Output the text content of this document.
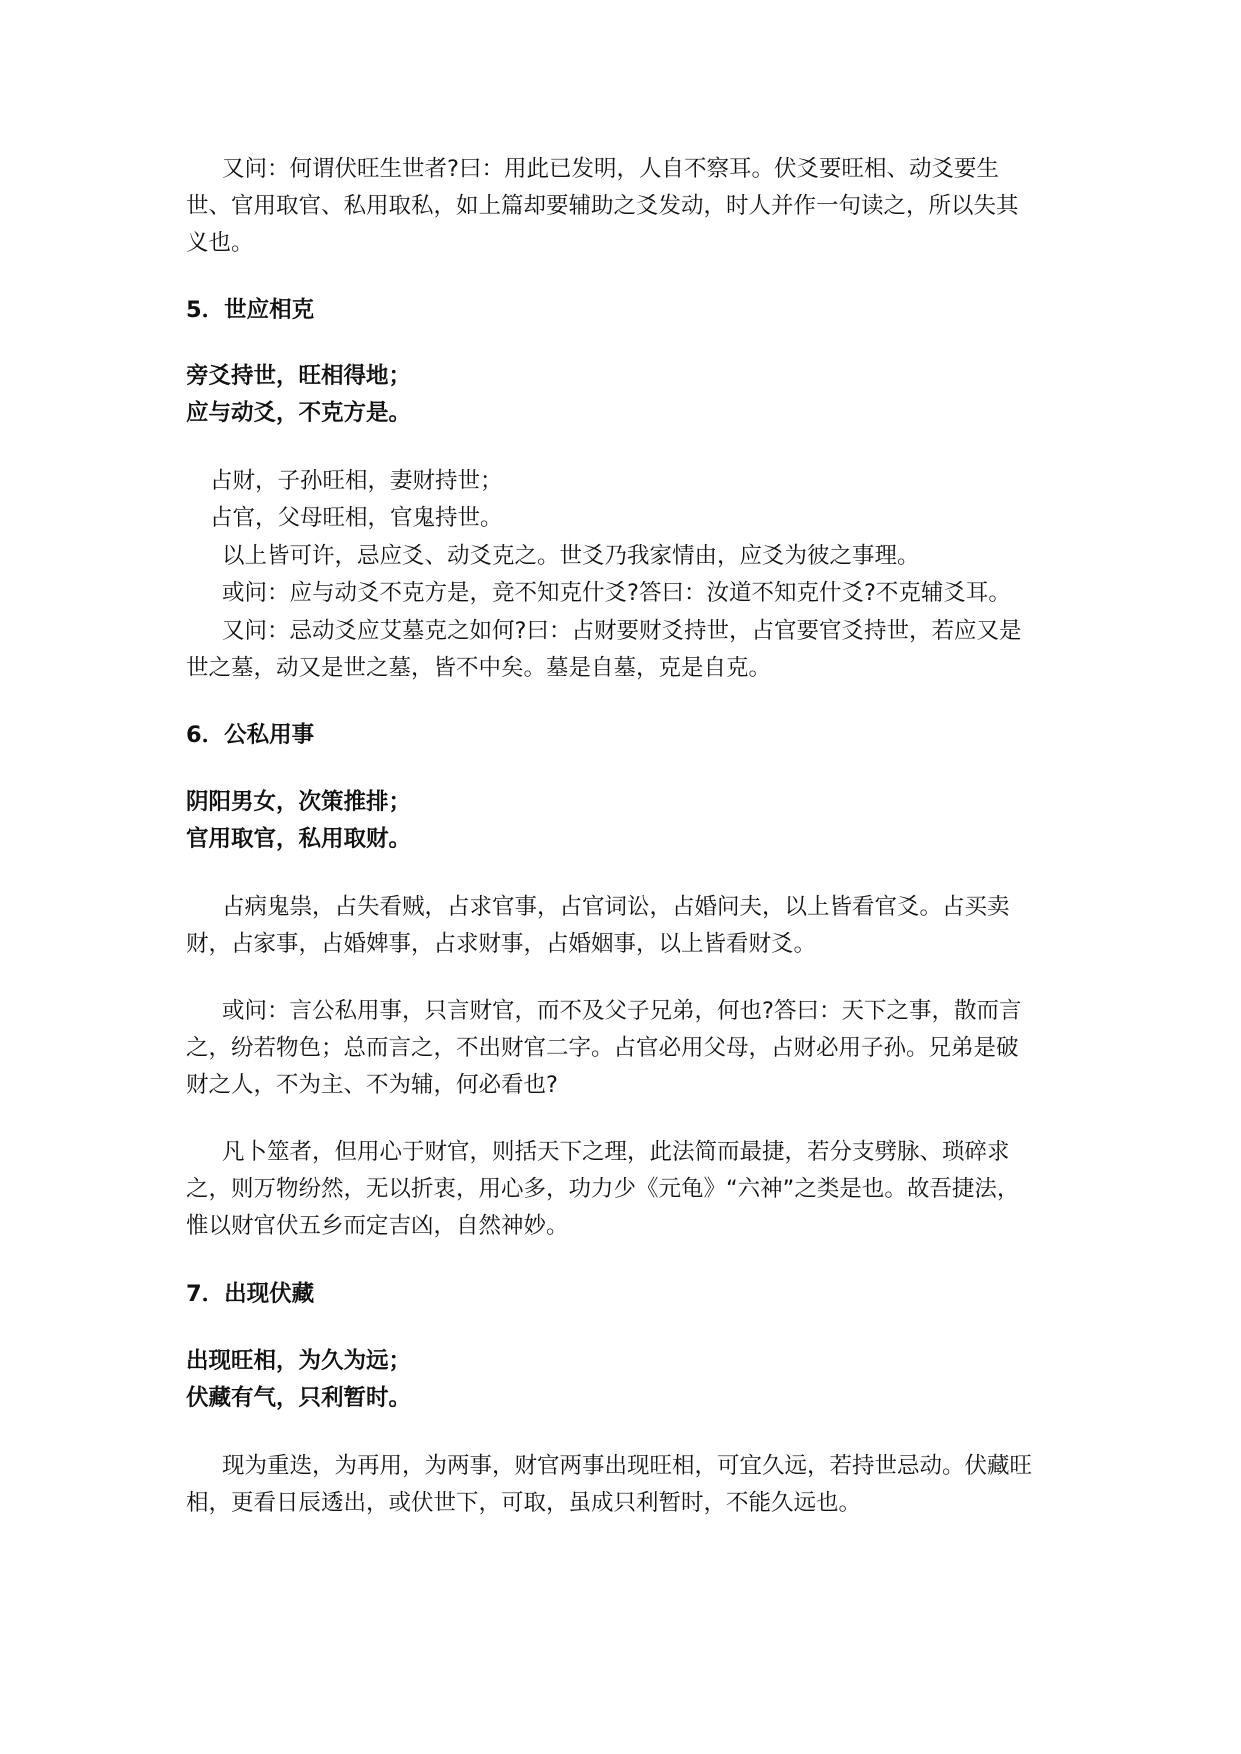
又问：何谓伏旺生世者?曰：用此已发明，人自不察耳。伏爻要旺相、动爻要生
世、官用取官、私用取私，如上篇却要辅助之爻发动，时人并作一句读之，所以失其
义也。
5．世应相克
旁爻持世，旺相得地；
应与动爻，不克方是。
占财，子孙旺相，妻财持世；
占官，父母旺相，官鬼持世。
以上皆可许，忌应爻、动爻克之。世爻乃我家情由，应爻为彼之事理。
或问：应与动爻不克方是，竞不知克什爻?答曰：汝道不知克什爻?不克辅爻耳。
又问：忌动爻应艾墓克之如何?曰：占财要财爻持世，占官要官爻持世，若应又是
世之墓，动又是世之墓，皆不中矣。墓是自墓，克是自克。
6．公私用事
阴阳男女，次策推排；
官用取官，私用取财。
占病鬼祟，占失看贼，占求官事，占官词讼，占婚问夫，以上皆看官爻。占买卖
财，占家事，占婚婢事，占求财事，占婚姻事，以上皆看财爻。
或问：言公私用事，只言财官，而不及父子兄弟，何也?答曰：天下之事，散而言
之，纷若物色；总而言之，不出财官二字。占官必用父母，占财必用子孙。兄弟是破
财之人，不为主、不为辅，何必看也?
凡卜筮者，但用心于财官，则括天下之理，此法简而最捷，若分支劈脉、琐碎求
之，则万物纷然，无以折衷，用心多，功力少《元龟》“六神”之类是也。故吾捷法，
惟以财官伏五乡而定吉凶，自然神妙。
7．出现伏藏
出现旺相，为久为远；
伏藏有气，只利暂时。
现为重迭，为再用，为两事，财官两事出现旺相，可宜久远，若持世忌动。伏藏旺
相，更看日辰透出，或伏世下，可取，虽成只利暂时，不能久远也。
